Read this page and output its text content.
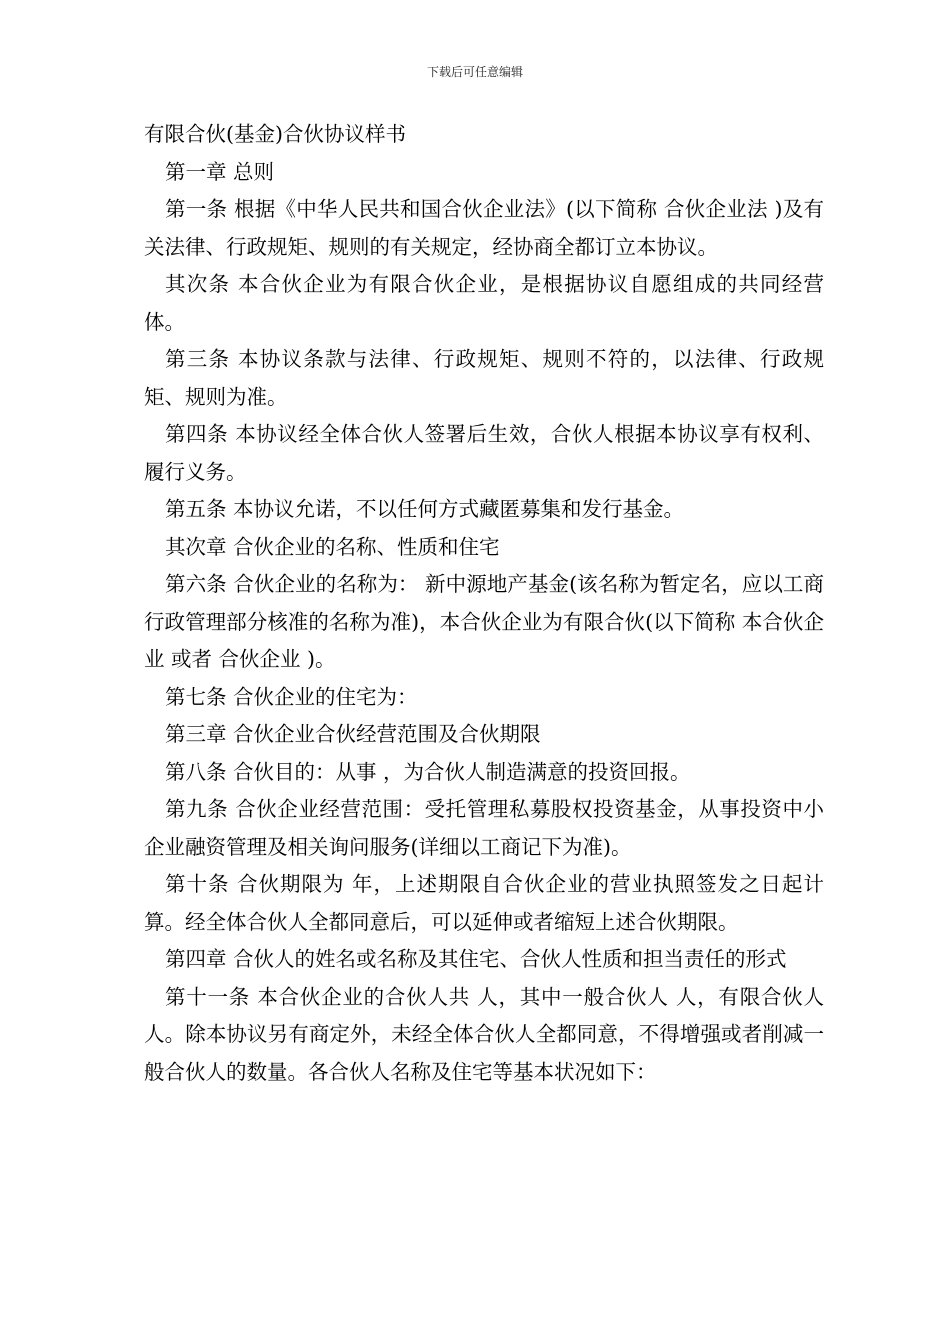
下载后可任意编辑

有限合伙(基金)合伙协议样书

第一章 总则

第一条 根据《中华人民共和国合伙企业法》(以下简称 合伙企业法 )及有关法律、行政规矩、规则的有关规定，经协商全都订立本协议。

其次条 本合伙企业为有限合伙企业，是根据协议自愿组成的共同经营体。

第三条 本协议条款与法律、行政规矩、规则不符的，以法律、行政规矩、规则为准。

第四条 本协议经全体合伙人签署后生效，合伙人根据本协议享有权利、履行义务。

第五条 本协议允诺，不以任何方式藏匿募集和发行基金。

其次章 合伙企业的名称、性质和住宅

第六条 合伙企业的名称为： 新中源地产基金(该名称为暂定名，应以工商行政管理部分核准的名称为准)，本合伙企业为有限合伙(以下简称 本合伙企业 或者 合伙企业 )。

第七条 合伙企业的住宅为：

第三章 合伙企业合伙经营范围及合伙期限

第八条 合伙目的：从事 ，为合伙人制造满意的投资回报。

第九条 合伙企业经营范围：受托管理私募股权投资基金，从事投资中小企业融资管理及相关询问服务(详细以工商记下为准)。

第十条 合伙期限为 年，上述期限自合伙企业的营业执照签发之日起计算。经全体合伙人全都同意后，可以延伸或者缩短上述合伙期限。

第四章 合伙人的姓名或名称及其住宅、合伙人性质和担当责任的形式

第十一条 本合伙企业的合伙人共 人，其中一般合伙人 人，有限合伙人 人。除本协议另有商定外，未经全体合伙人全都同意，不得增强或者削减一般合伙人的数量。各合伙人名称及住宅等基本状况如下：
